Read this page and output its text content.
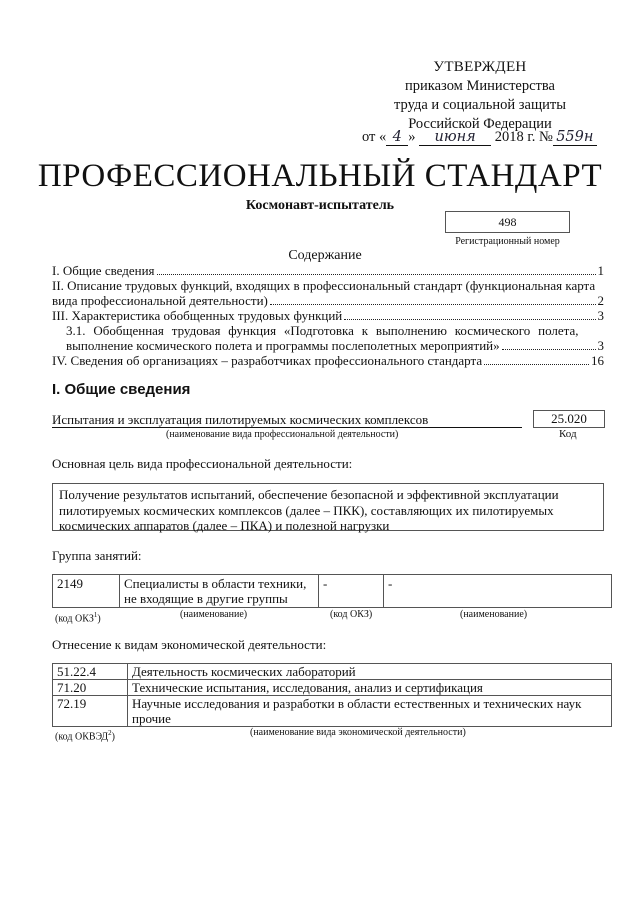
УТВЕРЖДЕН
приказом Министерства
труда и социальной защиты
Российской Федерации
от « 4 » июня 2018 г. № 559н
ПРОФЕССИОНАЛЬНЫЙ СТАНДАРТ
Космонавт-испытатель
498
Регистрационный номер
Содержание
I. Общие сведения	1
II. Описание трудовых функций, входящих в профессиональный стандарт (функциональная карта
вида профессиональной деятельности)	2
III. Характеристика обобщенных трудовых функций	3
3.1. Обобщенная трудовая функция «Подготовка к выполнению космического полета,
выполнение космического полета и программы послеполетных мероприятий»	3
IV. Сведения об организациях – разработчиках профессионального стандарта	16
I. Общие сведения
Испытания и эксплуатация пилотируемых космических комплексов
(наименование вида профессиональной деятельности)
25.020
Код
Основная цель вида профессиональной деятельности:
Получение результатов испытаний, обеспечение безопасной и эффективной эксплуатации пилотируемых космических комплексов (далее – ПКК), составляющих их пилотируемых космических аппаратов (далее – ПКА) и полезной нагрузки
Группа занятий:
2149	Специалисты в области техники, не входящие в другие группы	-	-
(код ОКЗ$^1$)	(наименование)	(код ОКЗ)	(наименование)
Отнесение к видам экономической деятельности:
51.22.4	Деятельность космических лабораторий
71.20	Технические испытания, исследования, анализ и сертификация
72.19	Научные исследования и разработки в области естественных и технических наук прочие
(код ОКВЭД$^2$)	(наименование вида экономической деятельности)
